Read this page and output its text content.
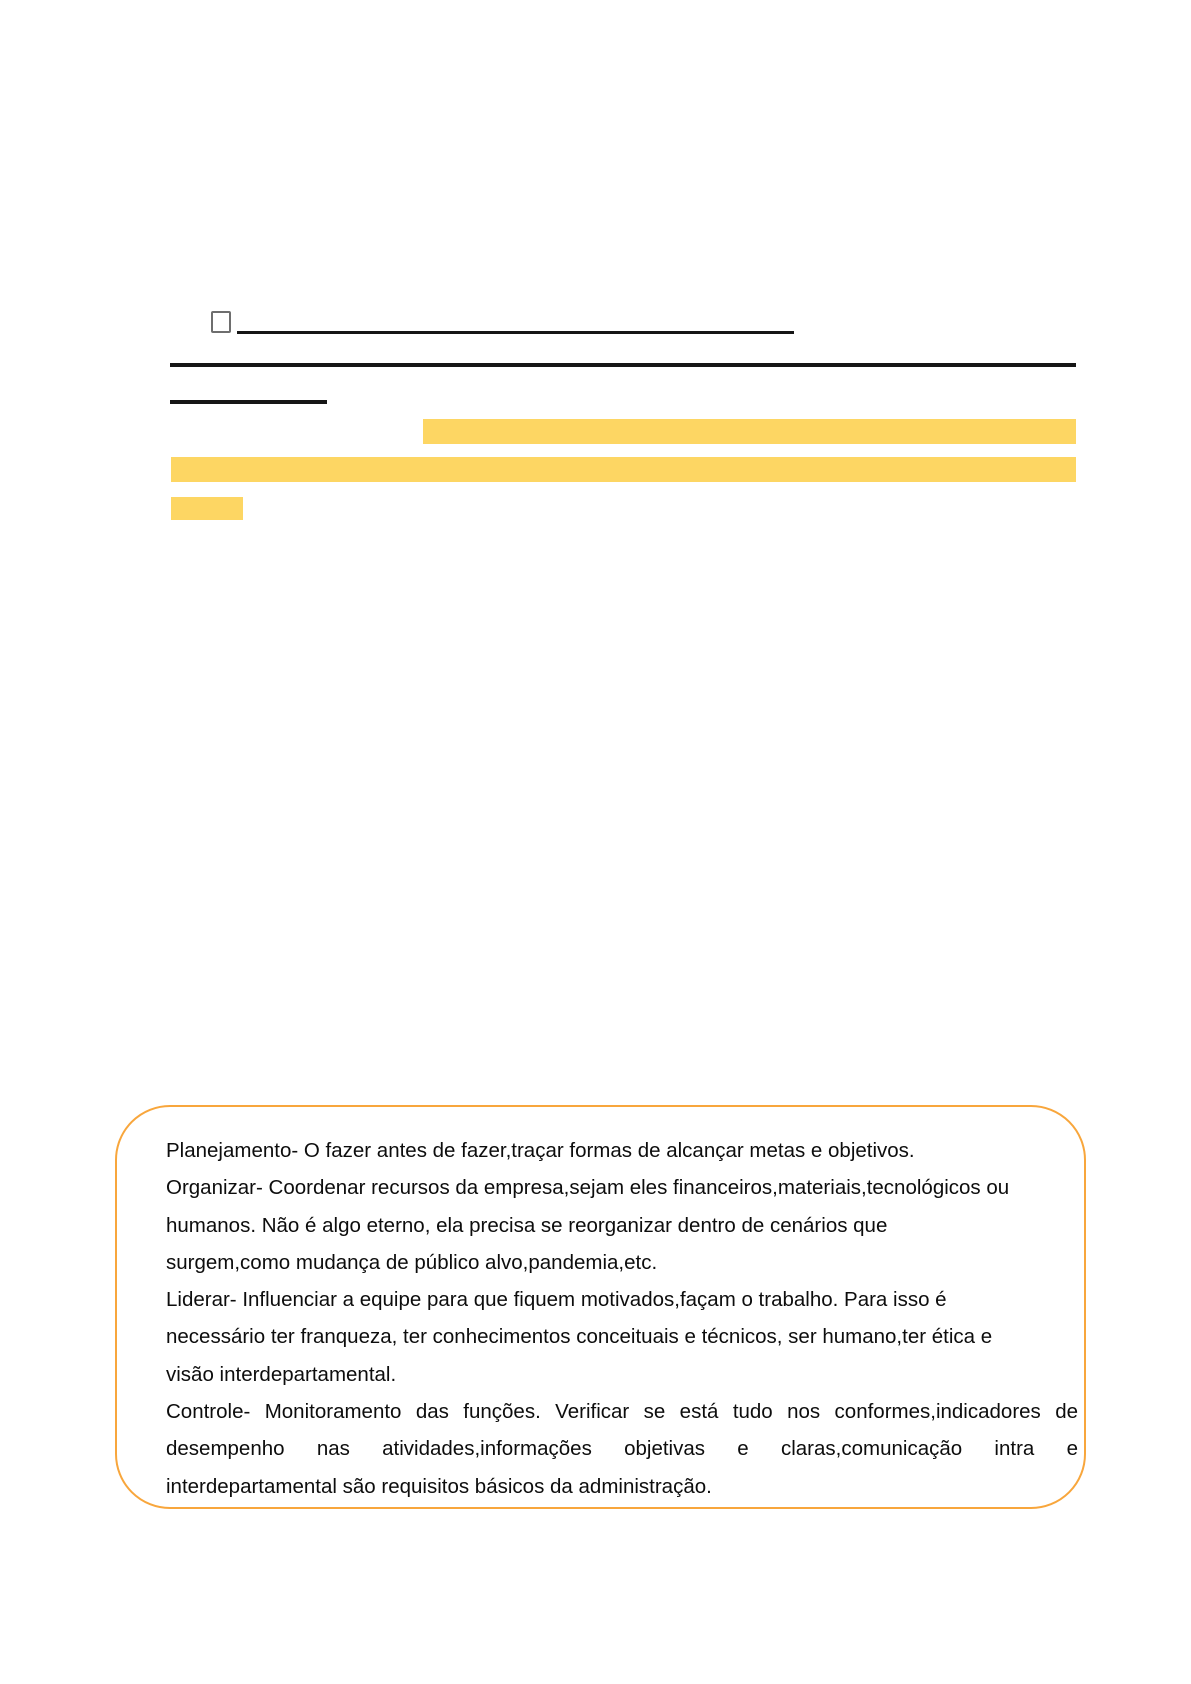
Planejamento- O fazer antes de fazer,traçar formas de alcançar metas e objetivos.
Organizar- Coordenar recursos da empresa,sejam eles financeiros,materiais,tecnológicos ou
humanos. Não é algo eterno, ela precisa se reorganizar dentro de cenários que
surgem,como mudança de público alvo,pandemia,etc.
Liderar- Influenciar a equipe para que fiquem motivados,façam o trabalho. Para isso é
necessário ter franqueza, ter conhecimentos conceituais e técnicos, ser humano,ter ética e
visão interdepartamental.
Controle- Monitoramento das funções. Verificar se está tudo nos conformes,indicadores de
desempenho nas atividades,informações objetivas e claras,comunicação intra e
interdepartamental são requisitos básicos da administração.
